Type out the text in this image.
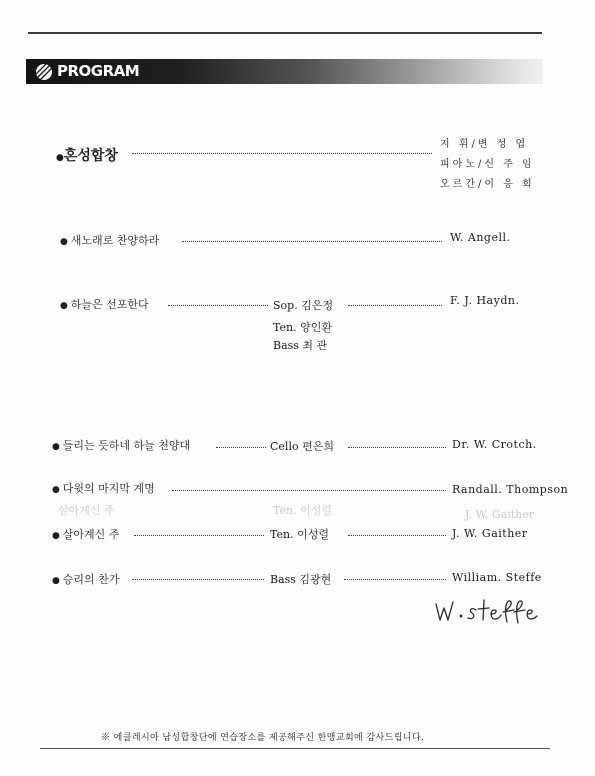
PROGRAM
●혼성합창
지 휘/변 성 엽
피아노/신 주 임
오르간/이 응 희
● 새노래로 찬양하라	W. Angell.
● 하늘은 선포한다	Sop. 김은정	F. J. Haydn.
Ten. 양인환
Bass 최 관
살아계신 주	Ten. 이성렬	J. W. Gaither
● 들리는 듯하네 하늘 천양대	Cello 편은희	Dr. W. Crotch.
● 다윗의 마지막 계명	Randall. Thompson
● 살아계신 주	Ten. 이성렬	J. W. Gaither
● 승리의 찬가	Bass 김광현	William. Steffe
※ 에클레시아 남성합창단에 연습장소를 제공해주신 한맹교회에 감사드립니다.
